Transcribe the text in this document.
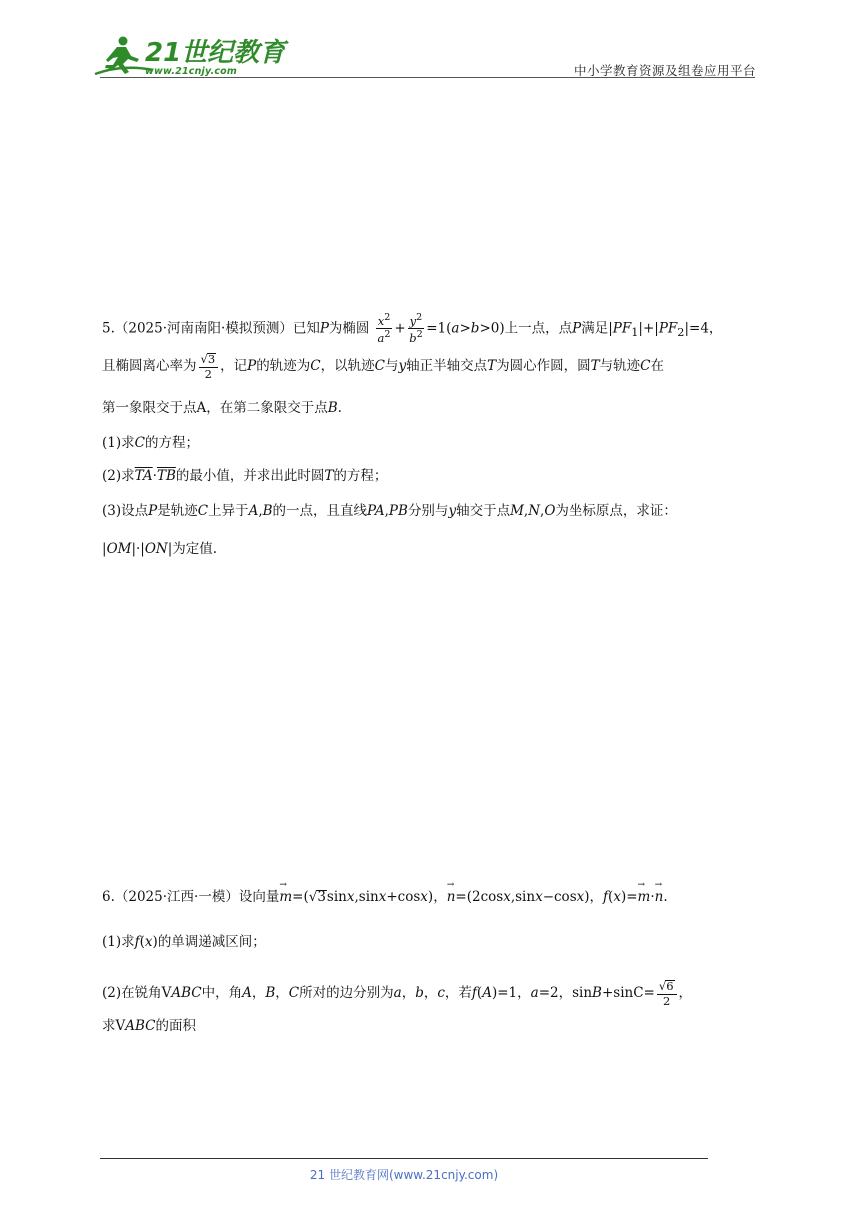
21世纪教育
www.21cnjy.com	中小学教育资源及组卷应用平台
5.（2025·河南南阳·模拟预测）已知P为椭圆 $\frac{x^2}{a^2} + \frac{y^2}{b^2} =1(a>b>0)$上一点，点P满足$|PF_1|+|PF_2|=4$，
且椭圆离心率为 $\frac{√3}{2}$ ，记P的轨迹为C，以轨迹C与y轴正半轴交点T为圆心作圆，圆T与轨迹C在
第一象限交于点A，在第二象限交于点B.
(1)求C的方程；
(2)求$\overline{TA}\cdot\overline{TB}$的最小值，并求出此时圆T的方程；
(3)设点P是轨迹C上异于A,B的一点，且直线PA,PB分别与y轴交于点M,N,O为坐标原点，求证：
|OM|·|ON|为定值.
6.（2025·江西·一模）设向量→ m=(√3sinx,sinx+cosx)，→ n=(2cosx,sinx−cosx)，f(x)=→ m·→ n.
(1)求f(x)的单调递减区间；
(2)在锐角VABC中，角A，B，C所对的边分别为a，b，c，若f(A)=1，a=2，$\sin B+\sin C= \frac{√6}{2}$ ，
求VABC的面积
21 世纪教育网(www.21cnjy.com)
